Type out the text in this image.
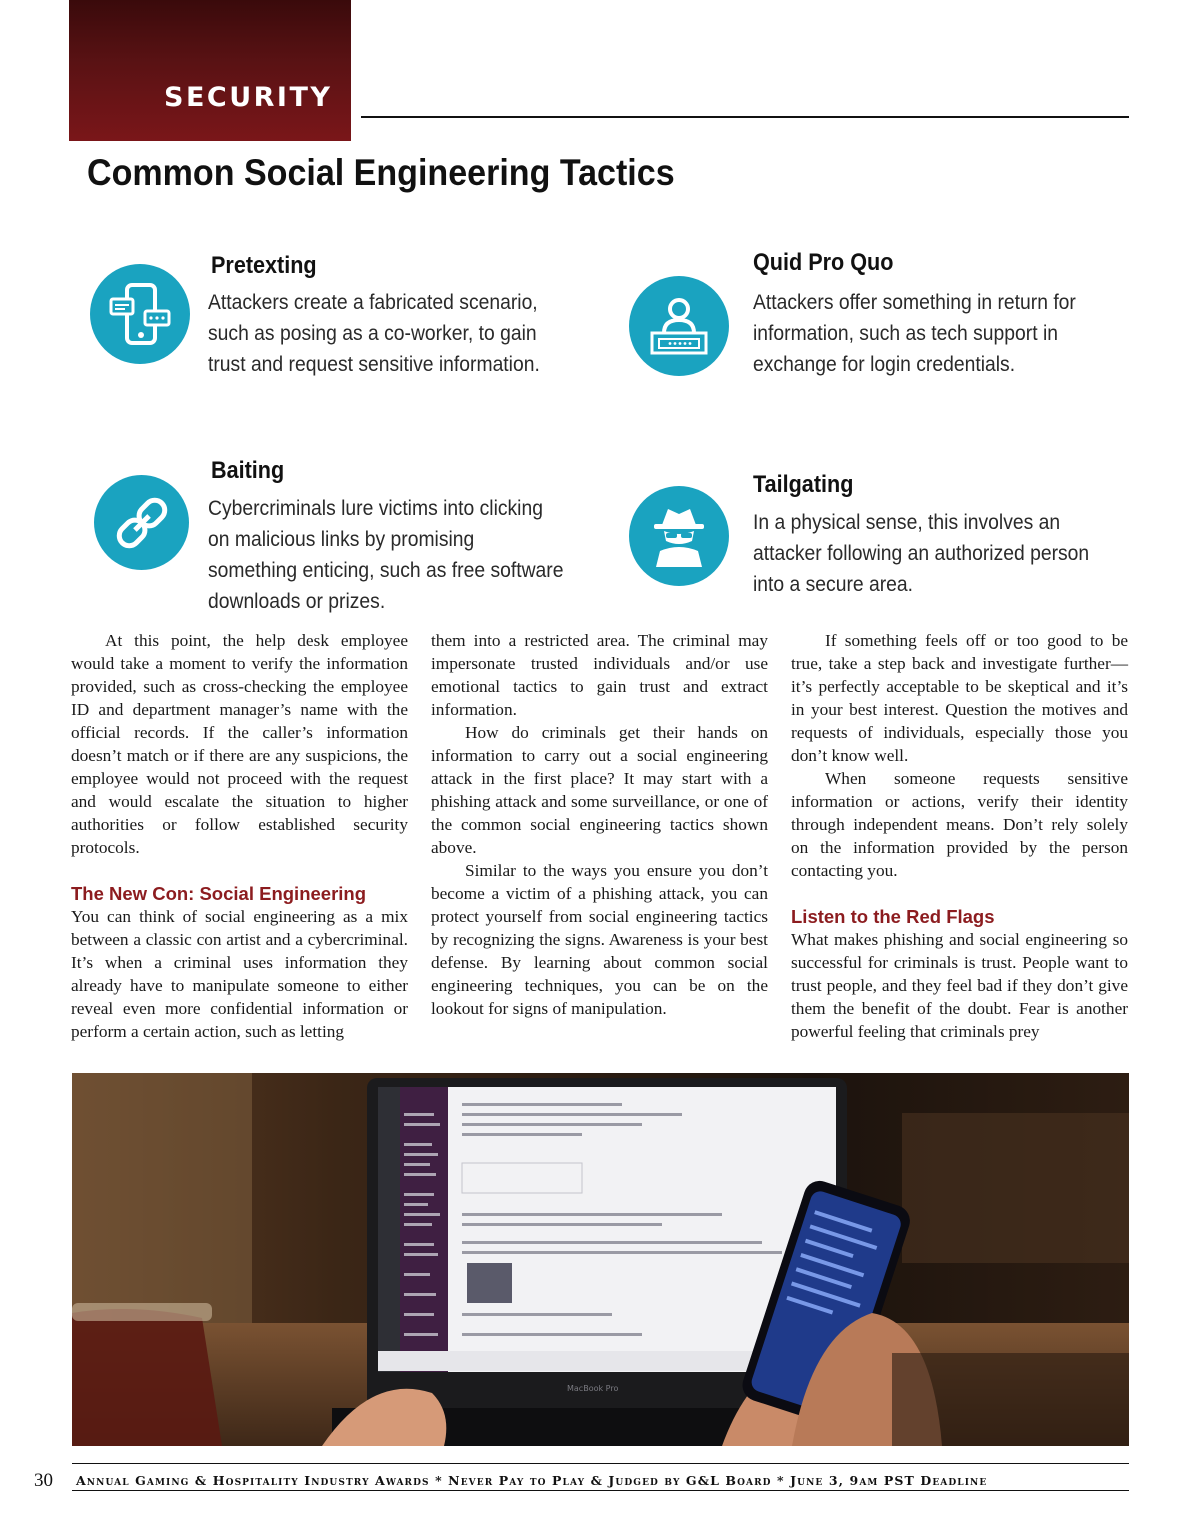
SECURITY
Common Social Engineering Tactics
Pretexting
Attackers create a fabricated scenario, such as posing as a co-worker, to gain trust and request sensitive information.
Quid Pro Quo
Attackers offer something in return for information, such as tech support in exchange for login credentials.
Baiting
Cybercriminals lure victims into clicking on malicious links by promising something enticing, such as free software downloads or prizes.
Tailgating
In a physical sense, this involves an attacker following an authorized person into a secure area.

At this point, the help desk employee would take a moment to verify the information provided, such as cross-checking the employee ID and department manager’s name with the official records. If the caller’s information doesn’t match or if there are any suspicions, the employee would not proceed with the request and would escalate the situation to higher authorities or follow established security protocols.

The New Con: Social Engineering

You can think of social engineering as a mix between a classic con artist and a cybercriminal. It’s when a criminal uses information they already have to manipulate someone to either reveal even more confidential information or perform a certain action, such as letting

them into a restricted area. The criminal may impersonate trusted individuals and/or use emotional tactics to gain trust and extract information.

How do criminals get their hands on information to carry out a social engineering attack in the first place? It may start with a phishing attack and some surveillance, or one of the common social engineering tactics shown above.

Similar to the ways you ensure you don’t become a victim of a phishing attack, you can protect yourself from social engineering tactics by recognizing the signs. Awareness is your best defense. By learning about common social engineering techniques, you can be on the lookout for signs of manipulation.

If something feels off or too good to be true, take a step back and investigate further—it’s perfectly acceptable to be skeptical and it’s in your best interest. Question the motives and requests of individuals, especially those you don’t know well.

When someone requests sensitive information or actions, verify their identity through independent means. Don’t rely solely on the information provided by the person contacting you.

Listen to the Red Flags

What makes phishing and social engineering so successful for criminals is trust. People want to trust people, and they feel bad if they don’t give them the benefit of the doubt. Fear is another powerful feeling that criminals prey

MacBook Pro
30 Annual Gaming & Hospitality Industry Awards * Never Pay to Play & Judged by G&L Board * June 3, 9am PST Deadline
